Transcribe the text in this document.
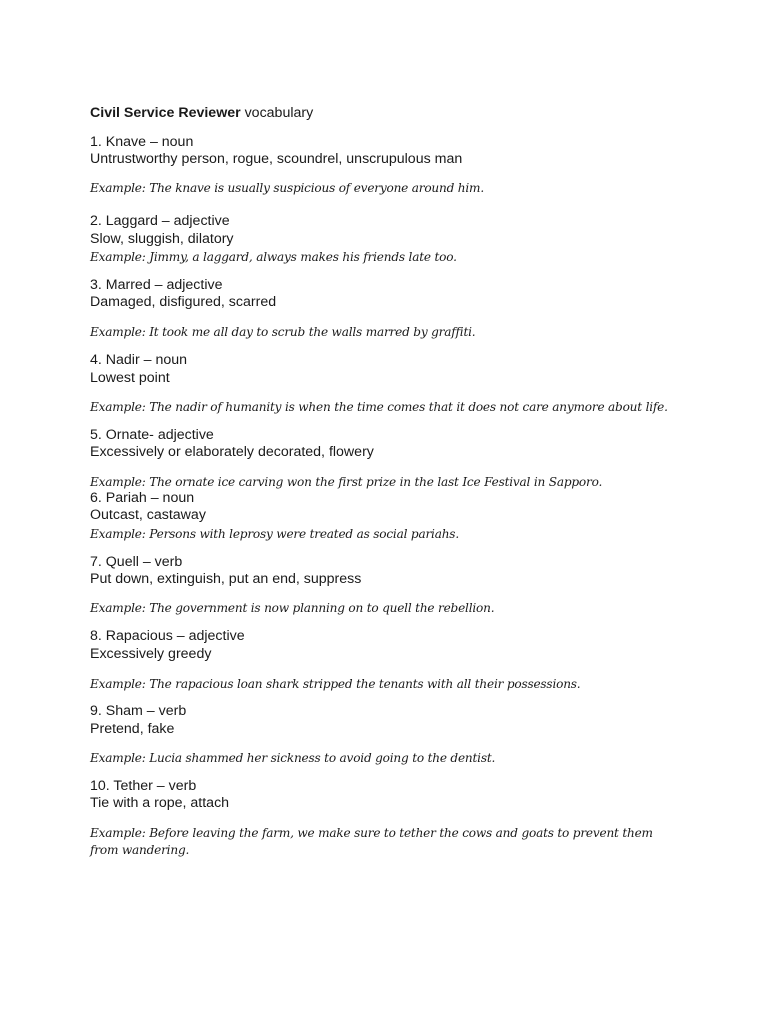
Civil Service Reviewer vocabulary
1. Knave – noun
Untrustworthy person, rogue, scoundrel, unscrupulous man
Example: The knave is usually suspicious of everyone around him.
2. Laggard – adjective
Slow, sluggish, dilatory
Example: Jimmy, a laggard, always makes his friends late too.
3. Marred – adjective
Damaged, disfigured, scarred
Example: It took me all day to scrub the walls marred by graffiti.
4. Nadir – noun
Lowest point
Example: The nadir of humanity is when the time comes that it does not care anymore about life.
5. Ornate- adjective
Excessively or elaborately decorated, flowery
Example: The ornate ice carving won the first prize in the last Ice Festival in Sapporo.
6. Pariah – noun
Outcast, castaway
Example: Persons with leprosy were treated as social pariahs.
7. Quell – verb
Put down, extinguish, put an end, suppress
Example: The government is now planning on to quell the rebellion.
8. Rapacious – adjective
Excessively greedy
Example: The rapacious loan shark stripped the tenants with all their possessions.
9. Sham – verb
Pretend, fake
Example: Lucia shammed her sickness to avoid going to the dentist.
10. Tether – verb
Tie with a rope, attach
Example: Before leaving the farm, we make sure to tether the cows and goats to prevent them
from wandering.
